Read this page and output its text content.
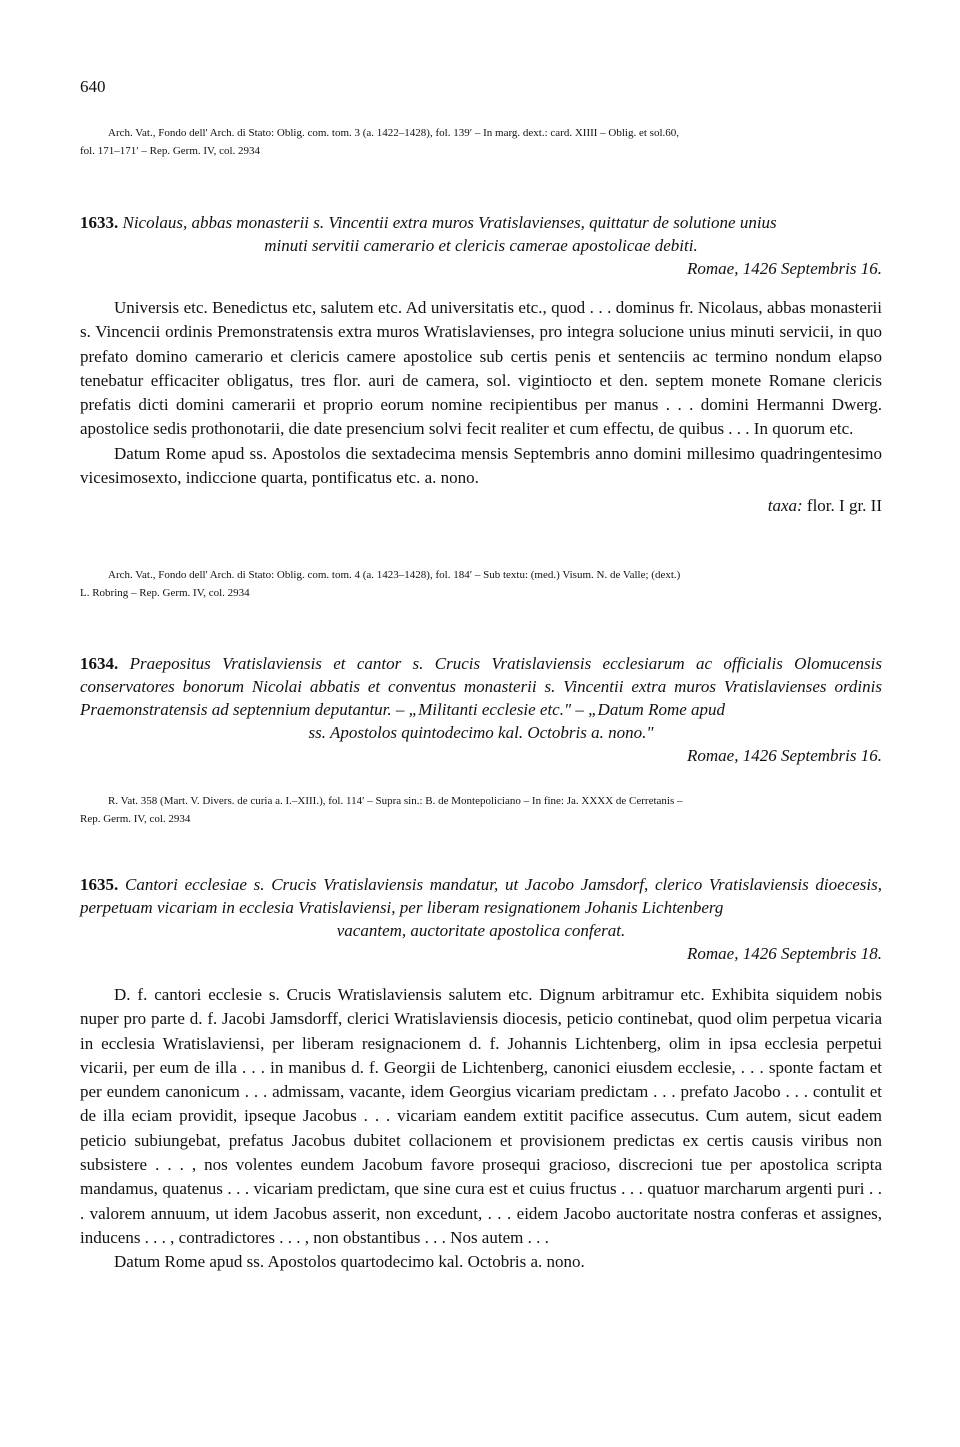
640
Arch. Vat., Fondo dell' Arch. di Stato: Oblig. com. tom. 3 (a. 1422–1428), fol. 139′ – In marg. dext.: card. XIIII – Oblig. et sol.60,
fol. 171–171′ – Rep. Germ. IV, col. 2934

1633. Nicolaus, abbas monasterii s. Vincentii extra muros Vratislavienses, quittatur de solutione unius
minuti servitii camerario et clericis camerae apostolicae debiti.

Romae, 1426 Septembris 16.

Universis etc. Benedictus etc, salutem etc. Ad universitatis etc., quod . . . dominus fr. Nicolaus, abbas monasterii s. Vincencii ordinis Premonstratensis extra muros Wratislavienses, pro integra solucione unius minuti servicii, in quo prefato domino camerario et clericis camere apostolice sub certis penis et sentenciis ac termino nondum elapso tenebatur efficaciter obligatus, tres flor. auri de camera, sol. vigintiocto et den. septem monete Romane clericis prefatis dicti domini camerarii et proprio eorum nomine recipientibus per manus . . . domini Hermanni Dwerg. apostolice sedis prothonotarii, die date presencium solvi fecit realiter et cum effectu, de quibus . . . In quorum etc.

Datum Rome apud ss. Apostolos die sextadecima mensis Septembris anno domini millesimo quadringentesimo vicesimosexto, indiccione quarta, pontificatus etc. a. nono.

taxa: flor. I gr. II

Arch. Vat., Fondo dell' Arch. di Stato: Oblig. com. tom. 4 (a. 1423–1428), fol. 184′ – Sub textu: (med.) Visum. N. de Valle; (dext.)
L. Robring – Rep. Germ. IV, col. 2934

1634. Praepositus Vratislaviensis et cantor s. Crucis Vratislaviensis ecclesiarum ac officialis Olomucensis conservatores bonorum Nicolai abbatis et conventus monasterii s. Vincentii extra muros Vratislavienses ordinis Praemonstratensis ad septennium deputantur. – „Militanti ecclesie etc." – „Datum Rome apud
ss. Apostolos quintodecimo kal. Octobris a. nono."

Romae, 1426 Septembris 16.

R. Vat. 358 (Mart. V. Divers. de curia a. I.–XIII.), fol. 114′ – Supra sin.: B. de Montepoliciano – In fine: Ja. XXXX de Cerretanis –
Rep. Germ. IV, col. 2934

1635. Cantori ecclesiae s. Crucis Vratislaviensis mandatur, ut Jacobo Jamsdorf, clerico Vratislaviensis dioecesis, perpetuam vicariam in ecclesia Vratislaviensi, per liberam resignationem Johanis Lichtenberg
vacantem, auctoritate apostolica conferat.

Romae, 1426 Septembris 18.

D. f. cantori ecclesie s. Crucis Wratislaviensis salutem etc. Dignum arbitramur etc. Exhibita siquidem nobis nuper pro parte d. f. Jacobi Jamsdorff, clerici Wratislaviensis diocesis, peticio continebat, quod olim perpetua vicaria in ecclesia Wratislaviensi, per liberam resignacionem d. f. Johannis Lichtenberg, olim in ipsa ecclesia perpetui vicarii, per eum de illa . . . in manibus d. f. Georgii de Lichtenberg, canonici eiusdem ecclesie, . . . sponte factam et per eundem canonicum . . . admissam, vacante, idem Georgius vicariam predictam . . . prefato Jacobo . . . contulit et de illa eciam providit, ipseque Jacobus . . . vicariam eandem extitit pacifice assecutus. Cum autem, sicut eadem peticio subiungebat, prefatus Jacobus dubitet collacionem et provisionem predictas ex certis causis viribus non subsistere . . . , nos volentes eundem Jacobum favore prosequi gracioso, discrecioni tue per apostolica scripta mandamus, quatenus . . . vicariam predictam, que sine cura est et cuius fructus . . . quatuor marcharum argenti puri . . . valorem annuum, ut idem Jacobus asserit, non excedunt, . . . eidem Jacobo auctoritate nostra conferas et assignes, inducens . . . , contradictores . . . , non obstantibus . . . Nos autem . . .

Datum Rome apud ss. Apostolos quartodecimo kal. Octobris a. nono.
